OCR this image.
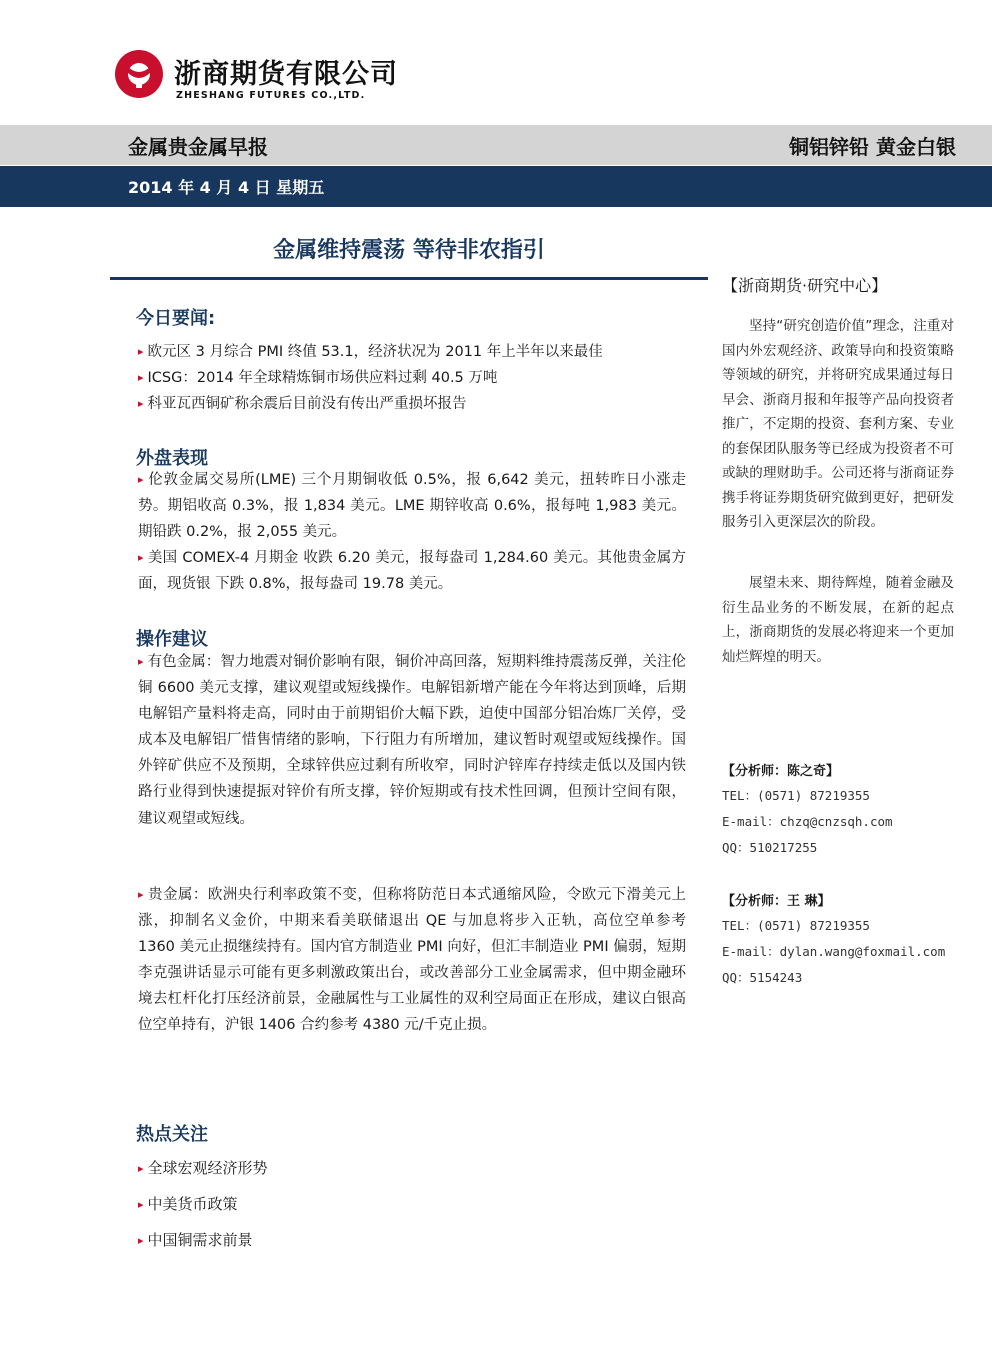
浙商期货有限公司
ZHESHANG FUTURES CO.,LTD.
金属贵金属早报	铜铝锌铅 黄金白银
2014 年 4 月 4 日 星期五
金属维持震荡 等待非农指引
今日要闻:
▸ 欧元区 3 月综合 PMI 终值 53.1，经济状况为 2011 年上半年以来最佳
▸ ICSG：2014 年全球精炼铜市场供应料过剩 40.5 万吨
▸ 科亚瓦西铜矿称余震后目前没有传出严重损坏报告
外盘表现
▸ 伦敦金属交易所(LME) 三个月期铜收低 0.5%，报 6,642 美元，扭转昨日小涨走势。期铝收高 0.3%，报 1,834 美元。LME 期锌收高 0.6%，报每吨 1,983 美元。期铅跌 0.2%，报 2,055 美元。
▸ 美国 COMEX-4 月期金 收跌 6.20 美元，报每盎司 1,284.60 美元。其他贵金属方面，现货银 下跌 0.8%，报每盎司 19.78 美元。
操作建议
▸ 有色金属：智力地震对铜价影响有限，铜价冲高回落，短期料维持震荡反弹，关注伦铜 6600 美元支撑，建议观望或短线操作。电解铝新增产能在今年将达到顶峰，后期电解铝产量料将走高，同时由于前期铝价大幅下跌，迫使中国部分铝冶炼厂关停，受成本及电解铝厂惜售情绪的影响，下行阻力有所增加，建议暂时观望或短线操作。国外锌矿供应不及预期，全球锌供应过剩有所收窄，同时沪锌库存持续走低以及国内铁路行业得到快速提振对锌价有所支撑，锌价短期或有技术性回调，但预计空间有限，建议观望或短线。
▸ 贵金属：欧洲央行利率政策不变，但称将防范日本式通缩风险，令欧元下滑美元上涨，抑制名义金价，中期来看美联储退出 QE 与加息将步入正轨，高位空单参考 1360 美元止损继续持有。国内官方制造业 PMI 向好，但汇丰制造业 PMI 偏弱，短期李克强讲话显示可能有更多刺激政策出台，或改善部分工业金属需求，但中期金融环境去杠杆化打压经济前景，金融属性与工业属性的双利空局面正在形成，建议白银高位空单持有，沪银 1406 合约参考 4380 元/千克止损。
热点关注
▸ 全球宏观经济形势
▸ 中美货币政策
▸ 中国铜需求前景
【浙商期货·研究中心】
坚持“研究创造价值”理念，注重对国内外宏观经济、政策导向和投资策略等领域的研究，并将研究成果通过每日早会、浙商月报和年报等产品向投资者推广，不定期的投资、套利方案、专业的套保团队服务等已经成为投资者不可或缺的理财助手。公司还将与浙商证券携手将证券期货研究做到更好，把研发服务引入更深层次的阶段。
展望未来、期待辉煌，随着金融及衍生品业务的不断发展，在新的起点上，浙商期货的发展必将迎来一个更加灿烂辉煌的明天。
【分析师：陈之奇】
TEL：(0571) 87219355
E-mail：chzq@cnzsqh.com
QQ：510217255
【分析师：王 琳】
TEL：(0571) 87219355
E-mail：dylan.wang@foxmail.com
QQ：5154243
